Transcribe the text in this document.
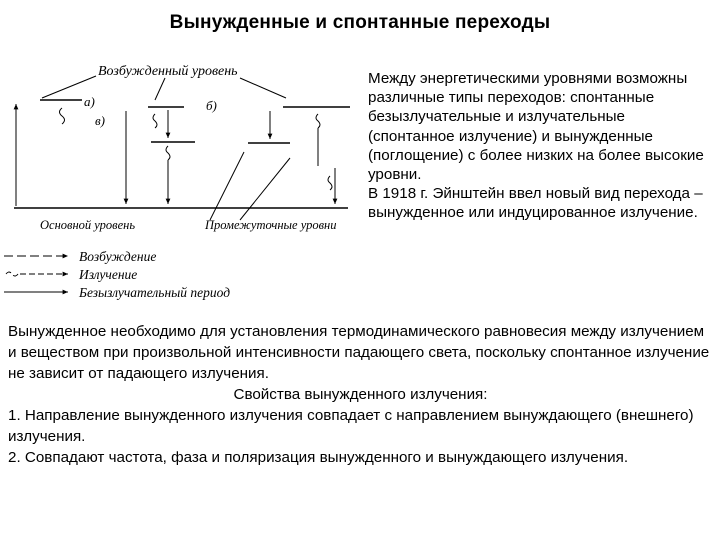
Вынужденные и спонтанные переходы
Возбужденный уровень
а)	б)
в)
Основной уровень	Промежуточные уровни
Возбуждение
Излучение
Безызлучательный период

Между энергетическими уровнями возможны различные типы переходов: спонтанные безызлучательные и излучательные (спонтанное излучение) и вынужденные (поглощение) с более низких на более высокие уровни.

В 1918 г. Эйнштейн ввел новый вид перехода – вынужденное или индуцированное излучение.

Вынужденное необходимо для установления термодинамического равновесия между излучением и веществом при произвольной интенсивности падающего света, поскольку спонтанное излучение не зависит от падающего излучения.

Свойства вынужденного излучения:

1. Направление вынужденного излучения совпадает с направлением вынуждающего (внешнего) излучения.

2. Совпадают частота, фаза и поляризация вынужденного и вынуждающего излучения.
